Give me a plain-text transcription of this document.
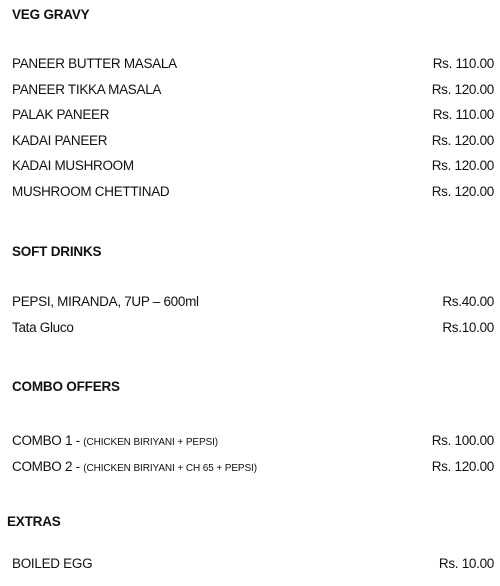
VEG GRAVY
PANEER BUTTER MASALA	Rs. 110.00
PANEER TIKKA MASALA	Rs. 120.00
PALAK PANEER	Rs. 110.00
KADAI PANEER	Rs. 120.00
KADAI MUSHROOM	Rs. 120.00
MUSHROOM CHETTINAD	Rs. 120.00
SOFT DRINKS
PEPSI, MIRANDA, 7UP – 600ml	Rs.40.00
Tata Gluco	Rs.10.00
COMBO OFFERS
COMBO 1 - (CHICKEN BIRIYANI + PEPSI)	Rs. 100.00
COMBO 2 - (CHICKEN BIRIYANI + CH 65 + PEPSI)	Rs. 120.00
EXTRAS
BOILED EGG	Rs. 10.00
